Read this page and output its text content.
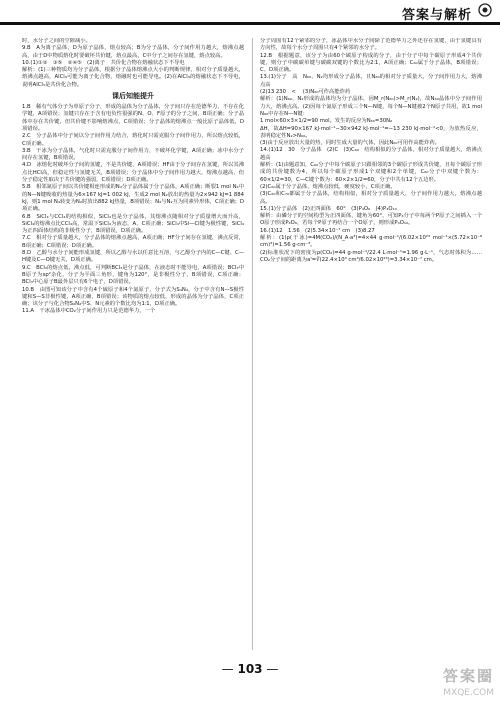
答案与解析

时，水分子之间的空隙减小。

9.B　A为离子晶体，D为原子晶体，熔点较高；B为分子晶体，分子间作用力越大，熔沸点越高，由于D中物质熔化时要破坏共价键，熔点最高，C中分子之间存在氢键，熔点较高。

10.(1)①②　③⑤　②④⑤　(2)离子　共价化合物在熔融状态下不导电

解析：(1)三种物质均为分子晶体，根据分子晶体熔沸点大小的判断规律，相对分子质量越大，熔沸点越高，AlCl₃可能为离子化合物，熔融时也可能导电。(2)在AlCl₃的熔融状态下不导电，说明AlCl₃是共价化合物。

课后知能提升

1.B　稀有气体分子为单原子分子，形成的晶体为分子晶体，分子间只存在范德华力，不存在化学键，A项错误；氢键只存在于含有电负性很强的N、O、F原子的分子之间，B项正确；分子晶体中存在共价键，但共价键不影响熔沸点，C项错误；分子晶体的熔沸点一般比原子晶体低，D项错误。

2.C　分子晶体中分子间以分子间作用力结合，熔化时只需克服分子间作用力，所以熔点较低，C项正确。

3.B　干冰为分子晶体，气化时只需克服分子间作用力，不破坏化学键，A项正确；冰中水分子间存在氢键，B项错误。

4.D　冰熔化时破坏分子间的氢键，不是共价键，A项错误；HF由于分子间存在氢键，所以其沸点比HCl高，但稳定性与氢键无关，B项错误；分子晶体中分子间作用力越大，熔沸点越高，但分子稳定性取决于共价键的强弱，C项错误；D项正确。

5.B　相邻氮原子间以共价键相连形成的N₄分子晶体属于分子晶体，A项正确；断裂1 mol N₄中的N—N键吸收的热量为6×167 kJ=1 002 kJ，生成2 mol N₂放出的热量为2×942 kJ=1 884 kJ，则1 mol N₄转变为N₂时放出882 kJ热量，B项错误；N₄与N₂互为同素异形体，C项正确；D项正确。

6.B　SiCl₄与CCl₄的结构相似，SiCl₄也是分子晶体，其熔沸点随相对分子质量增大而升高，SiCl₄的熔沸点比CCl₄高，常温下SiCl₄为液态，A、C项正确；SiCl₄中Si—Cl键为极性键，SiCl₄为正四面体结构的非极性分子，B项错误，D项正确。

7.C　相对分子质量越大，分子晶体的熔沸点越高，A项正确；HF分子间存在氢键，沸点反常，B项正确；C项错误；D项正确。

8.D　乙醇与水分子间能形成氢键，所以乙醇与水以任意比互溶，与乙醇分子内的C—C键、C—H键及C—O键无关，D项正确。

9.C　BCl₃的熔点低，沸点低，可判断BCl₃是分子晶体，在液态时不能导电，A项错误；BCl₃中B原子为sp²杂化，分子为平面三角形，键角为120°，是非极性分子，B项错误，C项正确；BCl₃中心原子B最外层只有6个电子，D项错误。

10.B　由图可知该分子中含有4个硫原子和4个氮原子，分子式为S₄N₄，分子中含有N—S极性键和S—S非极性键，A项正确，B项错误；该物质的熔点较低，形成的晶体为分子晶体，C项正确；该分子与化合物S₂N₂中S、N元素的个数比均为1∶1，D项正确。

11.A　干冰晶体中CO₂分子间作用力只是范德华力，一个

分子周围有12个紧邻的分子，冰晶体中水分子间除了范德华力之外还存在氢键，由于氢键具有方向性，故每个水分子周围只有4个紧邻的水分子。

12.B　根据题意，该分子为由60个碳原子构成的分子，由于分子中每个碳原子形成4个共价键，则分子中碳碳单键与碳碳双键的个数比为2∶1，A项正确；C₆₀属于分子晶体，B项错误；C、D项正确。

13.(1)分子　高　N₆₀、N₂均形成分子晶体，且N₆₀的相对分子质量大，分子间作用力大，熔沸点高

(2)13 230　< 　(3)N₆₀可作高能炸药

解析：(1)N₆₀、N₂形成的晶体均为分子晶体，因M_r(N₆₀)>M_r(N₂)，故N₆₀晶体中分子间作用力大，熔沸点高。(2)因每个氮原子形成三个N—N键，每个N—N键被2个N原子共用，故1 mol N₆₀中存在N—N键：

1 mol×60×3×1/2=90 mol。发生的反应为N₆₀=30N₂

ΔH，故ΔH=90×167 kJ·mol⁻¹−30×942 kJ·mol⁻¹=−13 230 kJ·mol⁻¹<0，为放热反应，表明稳定性N₂>N₆₀。

(3)由于反应放出大量的热，同时生成大量的气体，因此N₆₀可用作高能炸药。

14.(1)12　30　分子晶体　(2)C　(3)C₆₀　结构相似的分子晶体，相对分子质量越大，熔沸点越高

解析：(1)由题意知，C₆₀分子中每个碳原子只跟相邻的3个碳原子形成共价键，且每个碳原子形成的共价键数为4，所以每个碳原子形成1个双键和2个单键，C₆₀分子中双键个数为：60×1/2=30，C—C键个数为：60×2×1/2=60，分子中共有12个五边形。

(2)C₆₀属于分子晶体，熔沸点较低，硬度较小，C项正确。

(3)C₆₀和C₇₀都属于分子晶体，结构相似，相对分子质量越大，分子间作用力越大，熔沸点越高。

15.(1)分子晶体　(2)正四面体　60°　(3)P₄O₆　(4)P₄O₁₀

解析：由磷分子的空间构型为正四面体，键角为60°，可知P₄分子中每两个P原子之间插入一个O原子形成P₄O₆，若每个P原子再结合一个O原子，则形成P₄O₁₀。

16.(1)12　1.56　(2)5.34×10⁻⁷ cm　(3)8.27

解析：(1)ρ(干冰)=4M(CO₂)/(N_A·a³)=4×44 g·mol⁻¹/(6.02×10²³ mol⁻¹×(5.72×10⁻⁸ cm)³)=1.56 g·cm⁻³。

(2)标准状况下的密度为ρ(CO₂)=44 g·mol⁻¹/22.4 L·mol⁻¹=1.96 g·L⁻¹，气态时体积为……CO₂分子间的距离为a'=∛(22.4×10³ cm³/6.02×10²³)=3.34×10⁻⁷ cm。

— 103 —	答案圈
MXQE.COM
